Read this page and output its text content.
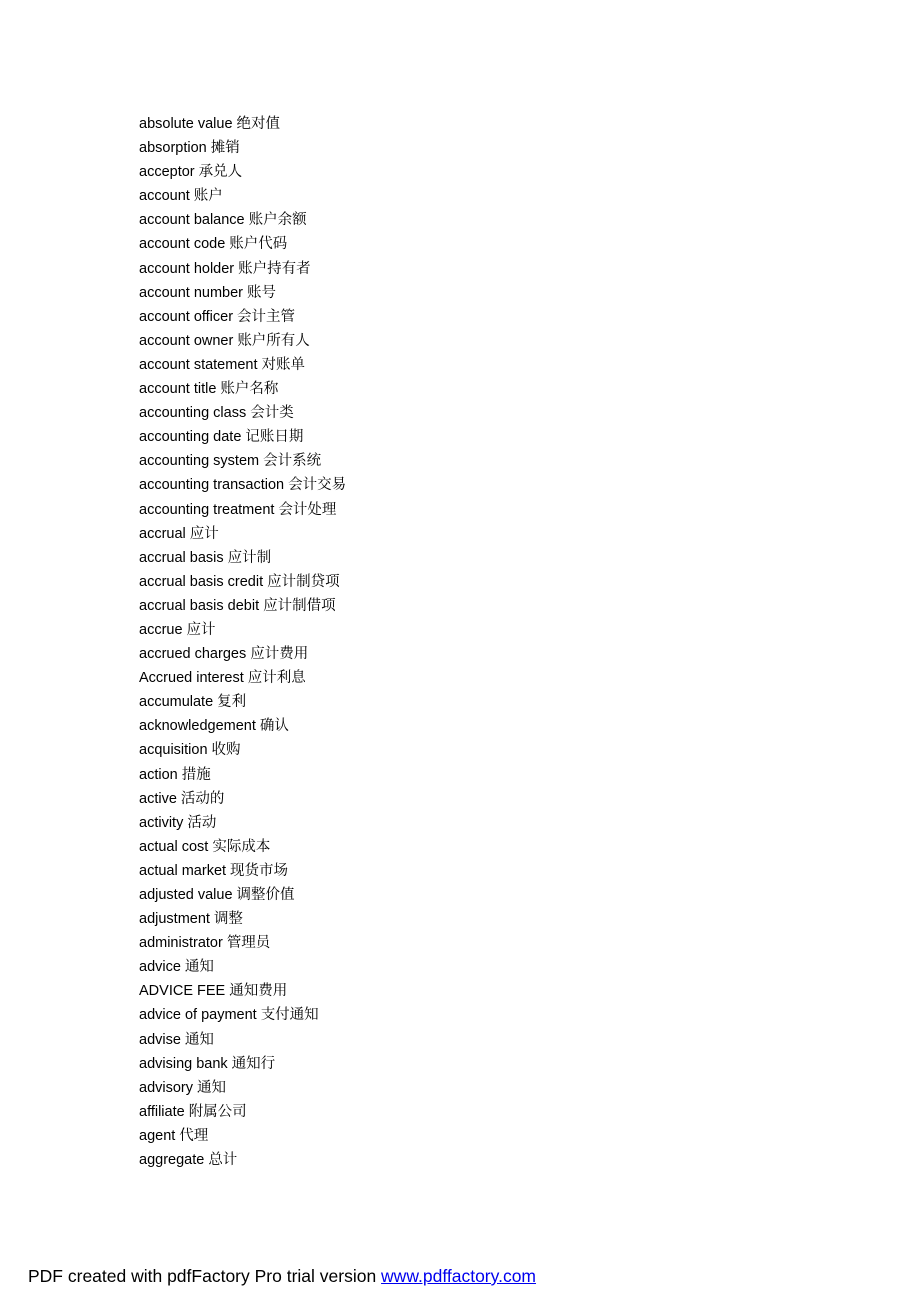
absolute value 绝对值
absorption 摊销
acceptor 承兑人
account 账户
account balance 账户余额
account code 账户代码
account holder 账户持有者
account number 账号
account officer 会计主管
account owner 账户所有人
account statement 对账单
account title 账户名称
accounting class 会计类
accounting date 记账日期
accounting system 会计系统
accounting transaction 会计交易
accounting treatment 会计处理
accrual 应计
accrual basis 应计制
accrual basis credit 应计制贷项
accrual basis debit 应计制借项
accrue 应计
accrued charges 应计费用
Accrued interest 应计利息
accumulate 复利
acknowledgement 确认
acquisition 收购
action 措施
active 活动的
activity 活动
actual cost 实际成本
actual market 现货市场
adjusted value 调整价值
adjustment 调整
administrator 管理员
advice 通知
ADVICE FEE 通知费用
advice of payment 支付通知
advise 通知
advising bank 通知行
advisory 通知
affiliate 附属公司
agent 代理
aggregate 总计
PDF created with pdfFactory Pro trial version www.pdffactory.com
